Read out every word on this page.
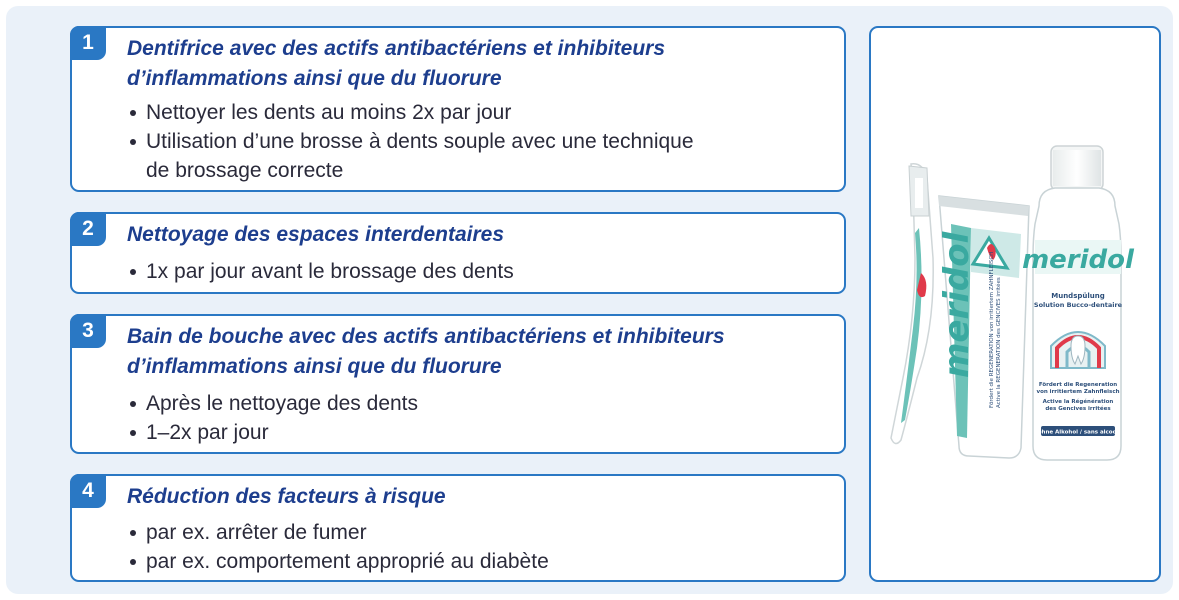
1	Dentifrice avec des actifs antibactériens et inhibiteurs
d’inflammations ainsi que du fluorure
Nettoyer les dents au moins 2x par jour
Utilisation d’une brosse à dents souple avec une technique
de brossage correcte
2	Nettoyage des espaces interdentaires
1x par jour avant le brossage des dents
3	Bain de bouche avec des actifs antibactériens et inhibiteurs
d’inflammations ainsi que du fluorure
Après le nettoyage des dents
1–2x par jour
4	Réduction des facteurs à risque
par ex. arrêter de fumer
par ex. comportement approprié au diabète
meridol Fördert die REGENERATION von irritiertem ZAHNFLEISCH Active la REGENERATION des GENCIVES irritées
meridol
Mundspülung
Solution Bucco-dentaire
Fördert die Regeneration
von irritiertem Zahnfleisch
Active la Régénération
des Gencives irritées
ohne Alkohol / sans alcool
